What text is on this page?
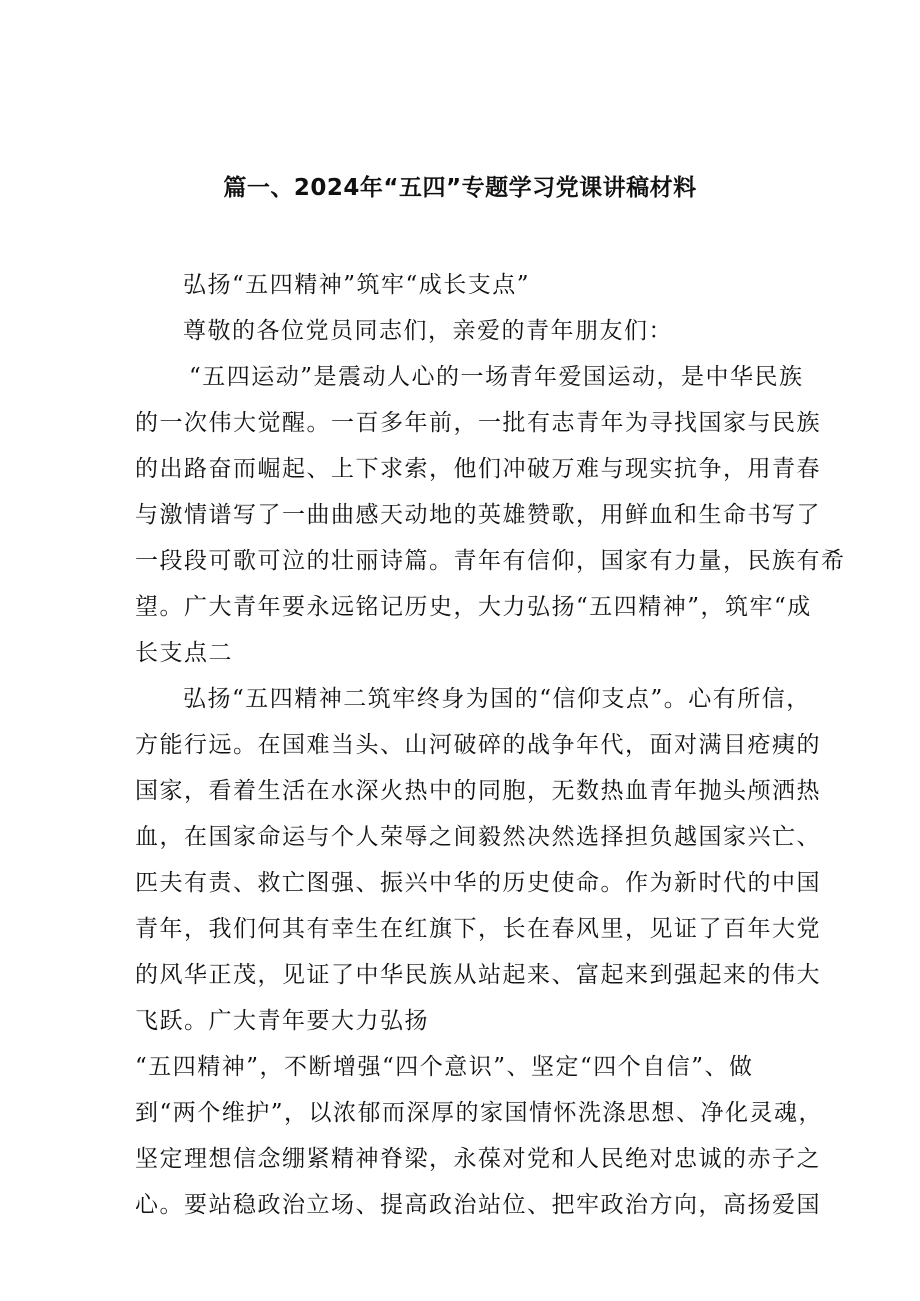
篇一、2024年“五四”专题学习党课讲稿材料
弘扬“五四精神”筑牢“成长支点”
尊敬的各位党员同志们，亲爱的青年朋友们：
“五四运动”是震动人心的一场青年爱国运动，是中华民族
的一次伟大觉醒。一百多年前，一批有志青年为寻找国家与民族
的出路奋而崛起、上下求索，他们冲破万难与现实抗争，用青春
与激情谱写了一曲曲感天动地的英雄赞歌，用鲜血和生命书写了
一段段可歌可泣的壮丽诗篇。青年有信仰，国家有力量，民族有希
望。广大青年要永远铭记历史，大力弘扬“五四精神”，筑牢“成
长支点二
弘扬“五四精神二筑牢终身为国的“信仰支点”。心有所信，
方能行远。在国难当头、山河破碎的战争年代，面对满目疮痍的
国家，看着生活在水深火热中的同胞，无数热血青年抛头颅洒热
血，在国家命运与个人荣辱之间毅然决然选择担负越国家兴亡、
匹夫有责、救亡图强、振兴中华的历史使命。作为新时代的中国
青年，我们何其有幸生在红旗下，长在春风里，见证了百年大党
的风华正茂，见证了中华民族从站起来、富起来到强起来的伟大
飞跃。广大青年要大力弘扬
“五四精神”，不断增强“四个意识”、坚定“四个自信”、做
到“两个维护”，以浓郁而深厚的家国情怀洗涤思想、净化灵魂，
坚定理想信念绷紧精神脊梁，永葆对党和人民绝对忠诚的赤子之
心。要站稳政治立场、提高政治站位、把牢政治方向，高扬爱国
